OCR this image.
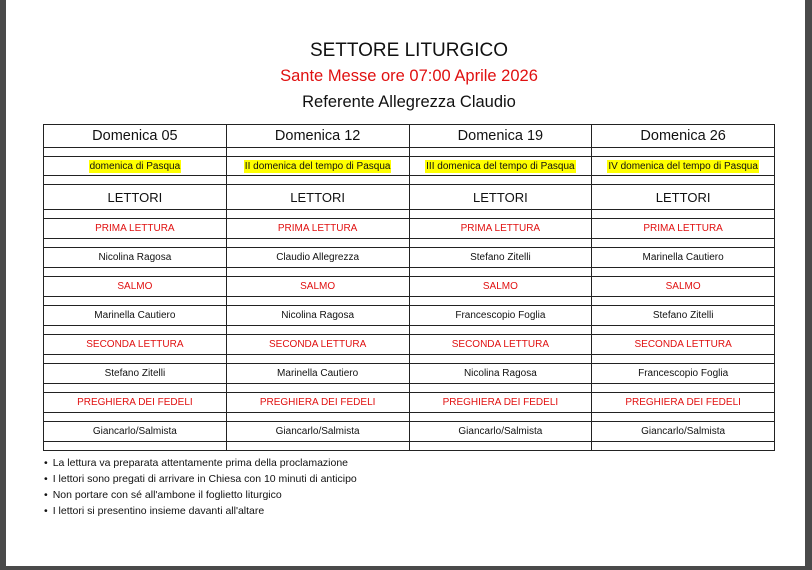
SETTORE LITURGICO
Sante Messe ore 07:00 Aprile 2026
Referente Allegrezza Claudio
Domenica 05	Domenica 12	Domenica 19	Domenica 26

domenica di Pasqua	II domenica del tempo di Pasqua	III domenica del tempo di Pasqua	IV domenica del tempo di Pasqua

LETTORI	LETTORI	LETTORI	LETTORI

PRIMA LETTURA	PRIMA LETTURA	PRIMA LETTURA	PRIMA LETTURA

Nicolina Ragosa	Claudio Allegrezza	Stefano Zitelli	Marinella Cautiero

SALMO	SALMO	SALMO	SALMO

Marinella Cautiero	Nicolina Ragosa	Francescopio Foglia	Stefano Zitelli

SECONDA LETTURA	SECONDA LETTURA	SECONDA LETTURA	SECONDA LETTURA

Stefano Zitelli	Marinella Cautiero	Nicolina Ragosa	Francescopio Foglia

PREGHIERA DEI FEDELI	PREGHIERA DEI FEDELI	PREGHIERA DEI FEDELI	PREGHIERA DEI FEDELI

Giancarlo/Salmista	Giancarlo/Salmista	Giancarlo/Salmista	Giancarlo/Salmista

• La lettura va preparata attentamente prima della proclamazione
• I lettori sono pregati di arrivare in Chiesa con 10 minuti di anticipo
• Non portare con sé all'ambone il foglietto liturgico
• I lettori si presentino insieme davanti all'altare
